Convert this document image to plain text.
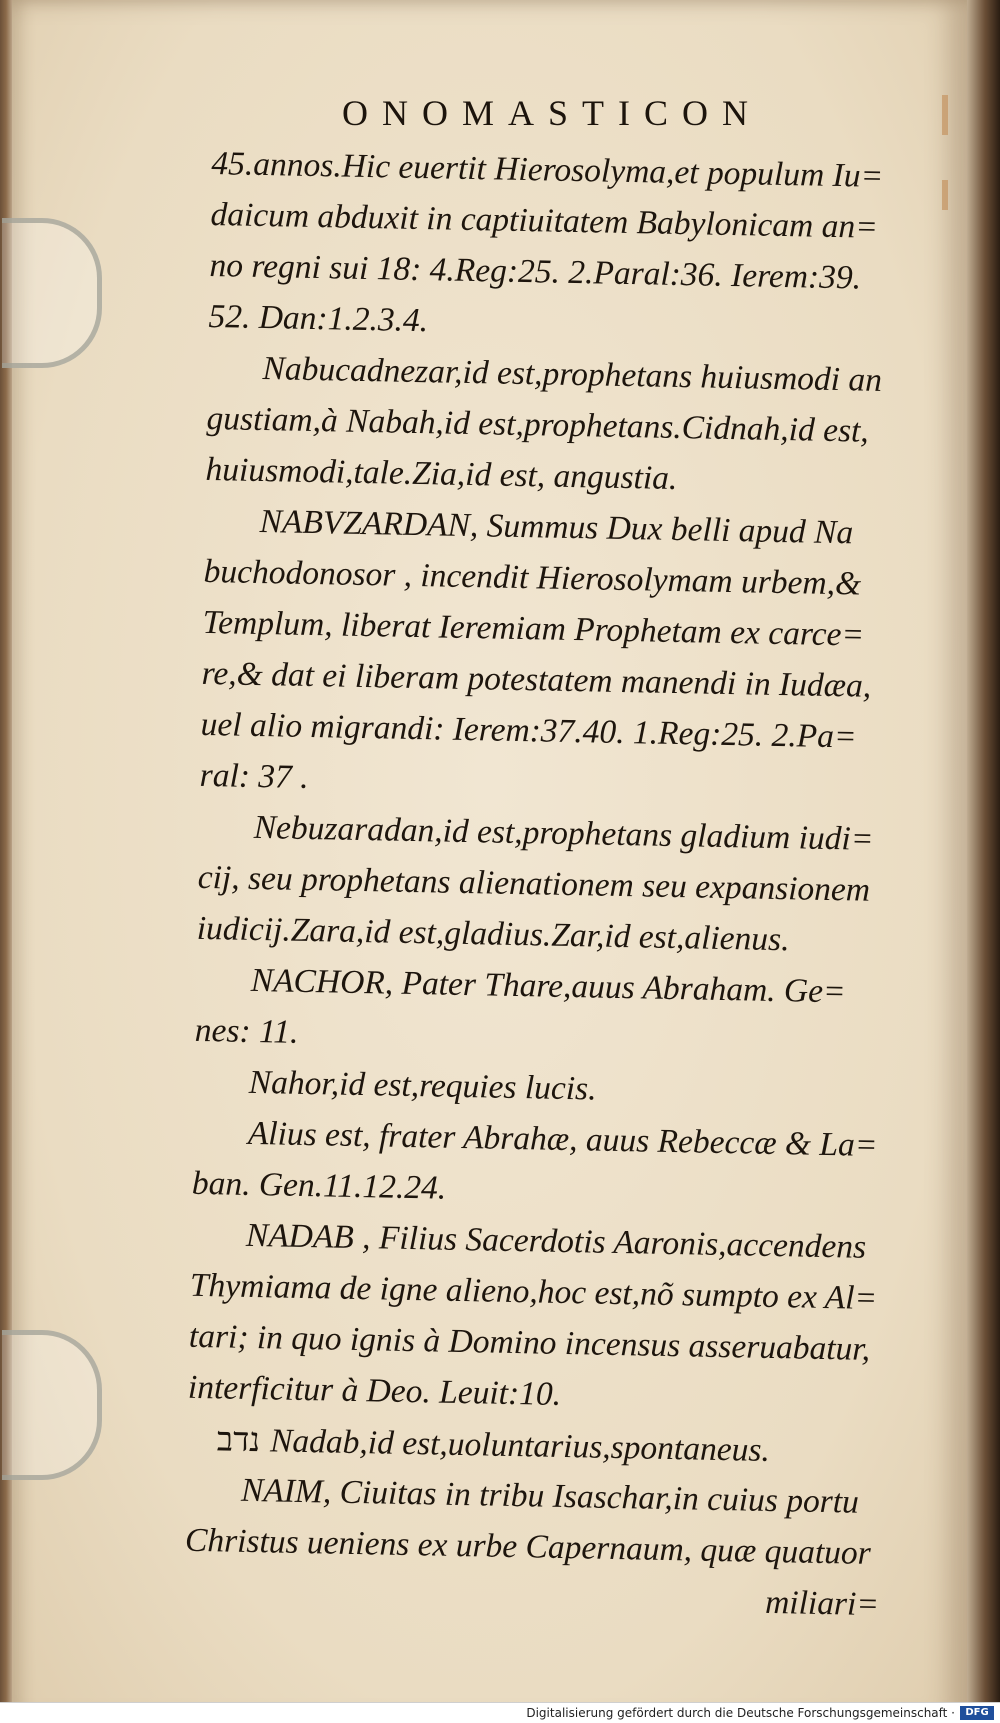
ONOMASTICON
45.annos.Hic euertit Hierosolyma,et populum Iu=
daicum abduxit in captiuitatem Babylonicam an=
no regni sui 18: 4.Reg:25. 2.Paral:36. Ierem:39.
52. Dan:1.2.3.4.
Nabucadnezar,id est,prophetans huiusmodi an
gustiam,à Nabah,id est,prophetans.Cidnah,id est,
huiusmodi,tale.Zia,id est, angustia.
NABVZARDAN, Summus Dux belli apud Na
buchodonosor , incendit Hierosolymam urbem,&
Templum, liberat Ieremiam Prophetam ex carce=
re,& dat ei liberam potestatem manendi in Iudæa,
uel alio migrandi: Ierem:37.40. 1.Reg:25. 2.Pa=
ral: 37 .
Nebuzaradan,id est,prophetans gladium iudi=
cij, seu prophetans alienationem seu expansionem
iudicij.Zara,id est,gladius.Zar,id est,alienus.
NACHOR, Pater Thare,auus Abraham. Ge=
nes: 11.
Nahor,id est,requies lucis.
Alius est, frater Abrahæ, auus Rebeccæ & La=
ban. Gen.11.12.24.
NADAB , Filius Sacerdotis Aaronis,accendens
Thymiama de igne alieno,hoc est,nõ sumpto ex Al=
tari; in quo ignis à Domino incensus asseruabatur,
interficitur à Deo. Leuit:10.
נדב Nadab,id est,uoluntarius,spontaneus.
NAIM, Ciuitas in tribu Isaschar,in cuius portu
Christus ueniens ex urbe Capernaum, quæ quatuor
miliari=
Digitalisierung gefördert durch die Deutsche Forschungsgemeinschaft ·	DFG
